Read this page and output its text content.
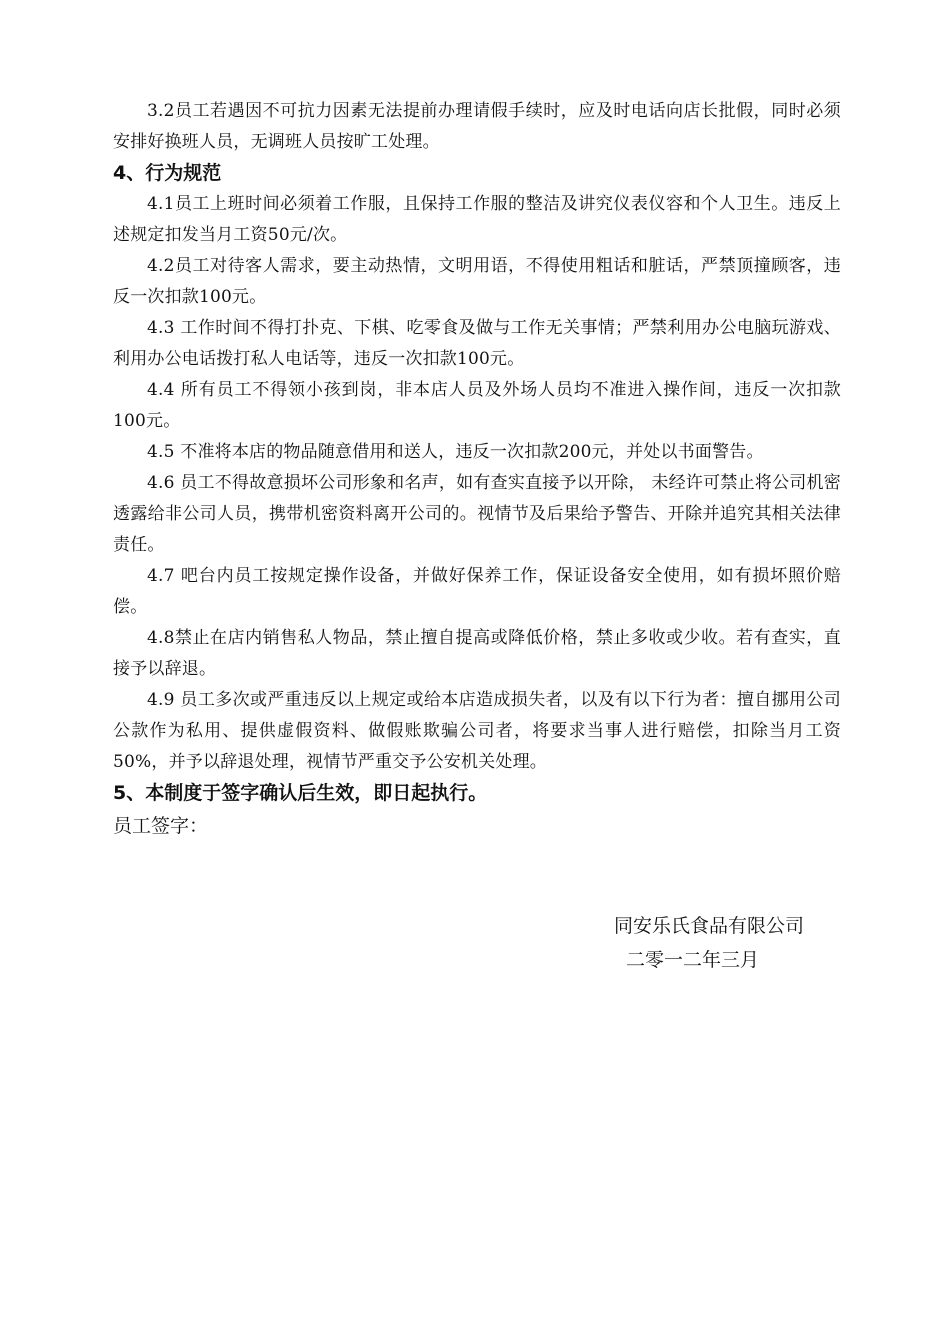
3.2员工若遇因不可抗力因素无法提前办理请假手续时，应及时电话向店长批假，同时必须安排好换班人员，无调班人员按旷工处理。

4、行为规范

4.1员工上班时间必须着工作服，且保持工作服的整洁及讲究仪表仪容和个人卫生。违反上述规定扣发当月工资50元/次。

4.2员工对待客人需求，要主动热情，文明用语，不得使用粗话和脏话，严禁顶撞顾客，违反一次扣款100元。

4.3 工作时间不得打扑克、下棋、吃零食及做与工作无关事情；严禁利用办公电脑玩游戏、利用办公电话拨打私人电话等，违反一次扣款100元。

4.4 所有员工不得领小孩到岗，非本店人员及外场人员均不准进入操作间，违反一次扣款100元。

4.5 不准将本店的物品随意借用和送人，违反一次扣款200元，并处以书面警告。

4.6 员工不得故意损坏公司形象和名声，如有查实直接予以开除， 未经许可禁止将公司机密透露给非公司人员，携带机密资料离开公司的。视情节及后果给予警告、开除并追究其相关法律责任。

4.7 吧台内员工按规定操作设备，并做好保养工作，保证设备安全使用，如有损坏照价赔偿。

4.8禁止在店内销售私人物品，禁止擅自提高或降低价格，禁止多收或少收。若有查实，直接予以辞退。

4.9 员工多次或严重违反以上规定或给本店造成损失者，以及有以下行为者：擅自挪用公司公款作为私用、提供虚假资料、做假账欺骗公司者，将要求当事人进行赔偿，扣除当月工资50%，并予以辞退处理，视情节严重交予公安机关处理。

5、本制度于签字确认后生效，即日起执行。

员工签字：

同安乐氏食品有限公司
二零一二年三月
